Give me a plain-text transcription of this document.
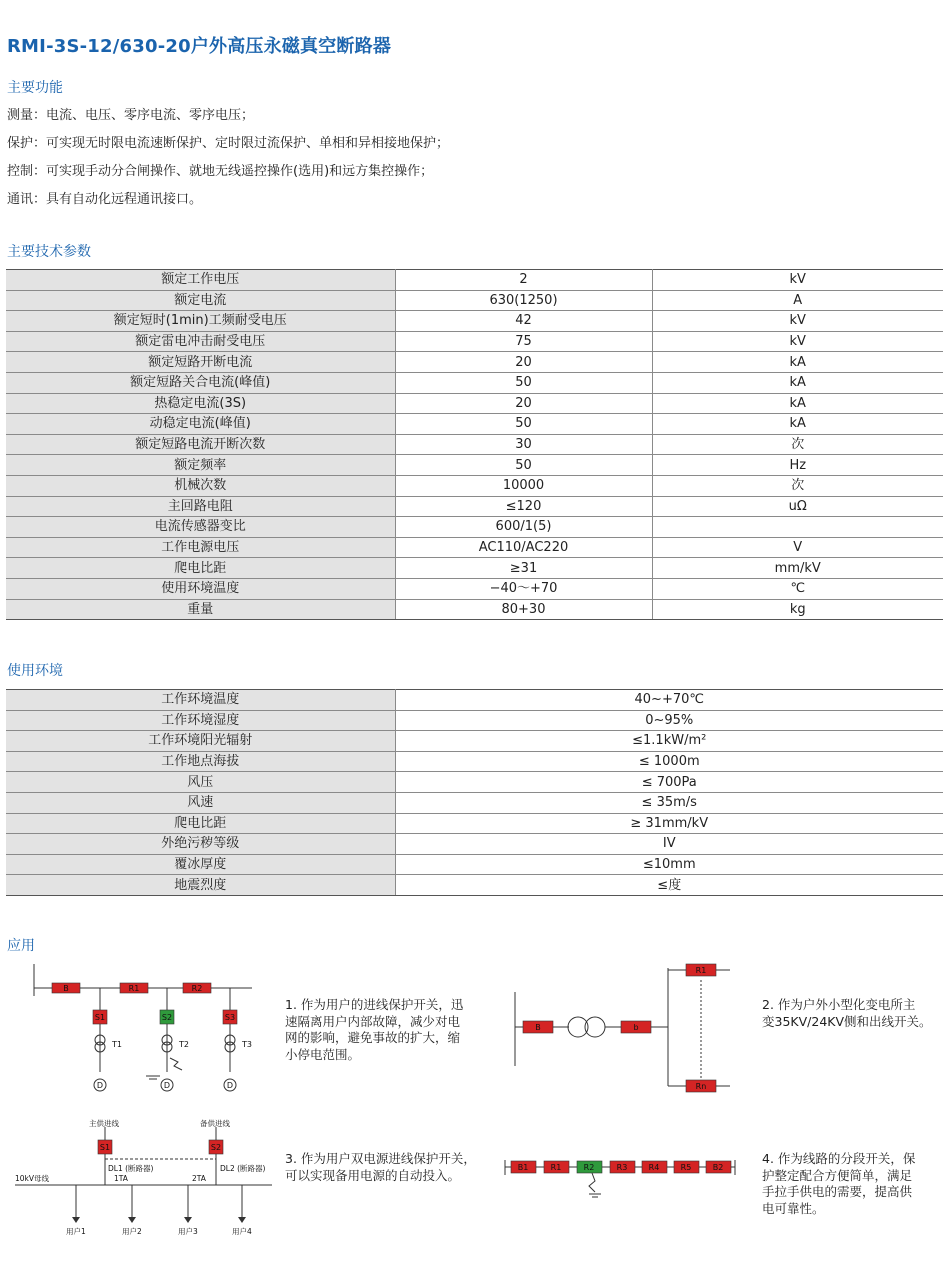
RMI-3S-12/630-20户外高压永磁真空断路器
主要功能

测量：电流、电压、零序电流、零序电压；

保护：可实现无时限电流速断保护、定时限过流保护、单相和异相接地保护；

控制：可实现手动分合闸操作、就地无线遥控操作(选用)和远方集控操作；

通讯：具有自动化远程通讯接口。

主要技术参数
额定工作电压	2	kV
额定电流	630(1250)	A
额定短时(1min)工频耐受电压	42	kV
额定雷电冲击耐受电压	75	kV
额定短路开断电流	20	kA
额定短路关合电流(峰值)	50	kA
热稳定电流(3S)	20	kA
动稳定电流(峰值)	50	kA
额定短路电流开断次数	30	次
额定频率	50	Hz
机械次数	10000	次
主回路电阻	≤120	uΩ
电流传感器变比	600/1(5)	
工作电源电压	AC110/AC220	V
爬电比距	≥31	mm/kV
使用环境温度	−40～+70	℃
重量	80+30	kg
使用环境
工作环境温度	40~+70℃
工作环境湿度	0~95%
工作环境阳光辐射	≤1.1kW/m²
工作地点海拔	≤ 1000m
风压	≤ 700Pa
风速	≤ 35m/s
爬电比距	≥ 31mm/kV
外绝污秽等级	IV
覆冰厚度	≤10mm
地震烈度	≤度
应用
B	R1	R2
S1	S2	S3
T1	T2	T3
D	D	D
1. 作为用户的进线保护开关，迅
速隔离用户内部故障，减少对电
网的影响，避免事故的扩大，缩
小停电范围。
B	b
R1
Rn
2. 作为户外小型化变电所主
变35KV/24KV侧和出线开关。
主供进线	备供进线
S1	S2
DL1 (断路器)
1TA
DL2 (断路器)
2TA
10kV母线
用户1	用户2	用户3	用户4
3. 作为用户双电源进线保护开关，
可以实现备用电源的自动投入。	B1	R1	R2	R3	R4	R5	B2
4. 作为线路的分段开关，保
护整定配合方便简单，满足
手拉手供电的需要，提高供
电可靠性。
